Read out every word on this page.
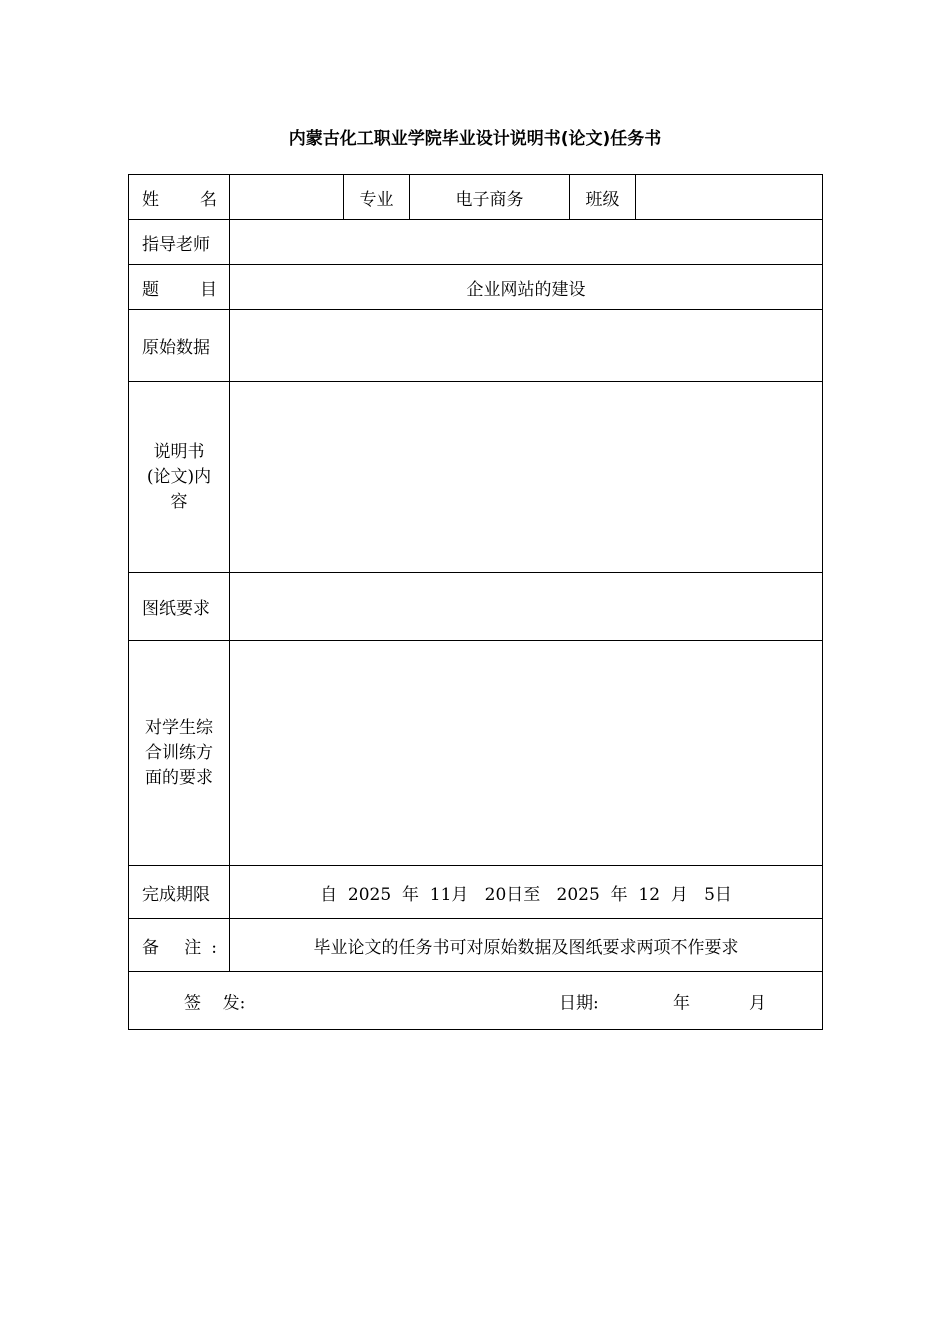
内蒙古化工职业学院毕业设计说明书(论文)任务书
姓 名		专业	电子商务	班级	
指导老师					
题 目	企业网站的建设				
原始数据					

说明书
(论文)内
容					

图纸要求					

对学生综
合训练方
面的要求					

完成期限	自 2025 年 11月 20日至 2025 年 12 月 5日				
备 注:	毕业论文的任务书可对原始数据及图纸要求两项不作要求				

签    发: 日期: 年 月					
